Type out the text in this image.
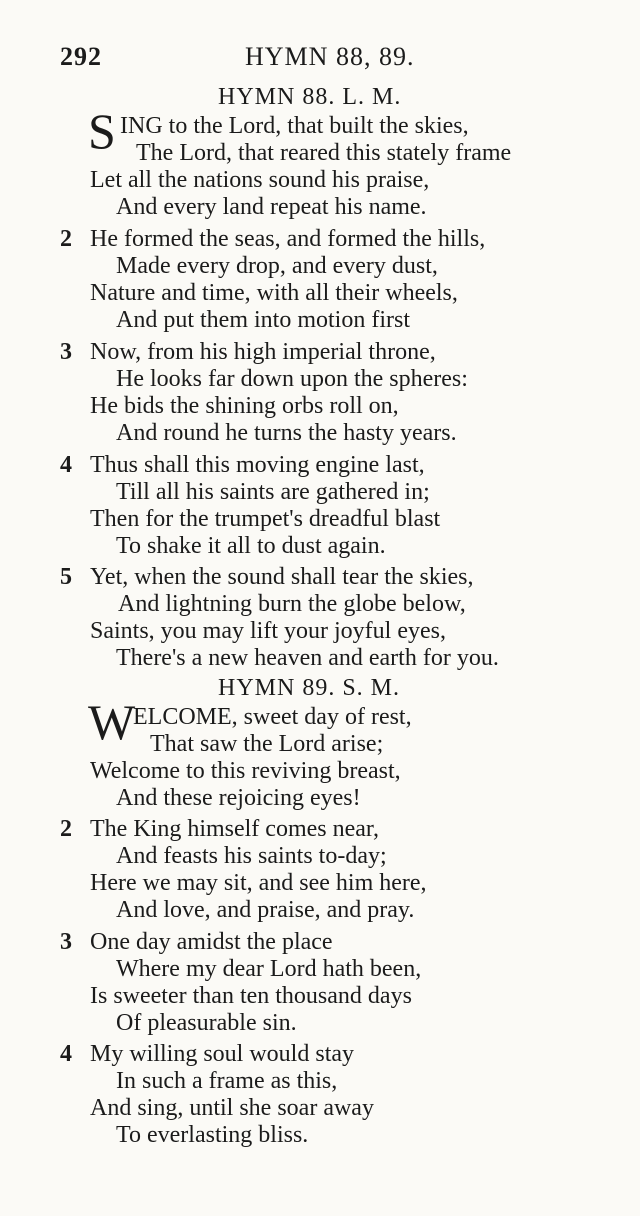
292	HYMN 88, 89.
HYMN 88. L. M.
S ING to the Lord, that built the skies,
The Lord, that reared this stately frame
Let all the nations sound his praise,
And every land repeat his name.
2 He formed the seas, and formed the hills,
Made every drop, and every dust,
Nature and time, with all their wheels,
And put them into motion first
3 Now, from his high imperial throne,
He looks far down upon the spheres:
He bids the shining orbs roll on,
And round he turns the hasty years.
4 Thus shall this moving engine last,
Till all his saints are gathered in;
Then for the trumpet's dreadful blast
To shake it all to dust again.
5 Yet, when the sound shall tear the skies,
And lightning burn the globe below,
Saints, you may lift your joyful eyes,
There's a new heaven and earth for you.
HYMN 89. S. M.
W
ELCOME, sweet day of rest,
That saw the Lord arise;
Welcome to this reviving breast,
And these rejoicing eyes!
2 The King himself comes near,
And feasts his saints to-day;
Here we may sit, and see him here,
And love, and praise, and pray.
3 One day amidst the place
Where my dear Lord hath been,
Is sweeter than ten thousand days
Of pleasurable sin.
4 My willing soul would stay
In such a frame as this,
And sing, until she soar away
To everlasting bliss.
